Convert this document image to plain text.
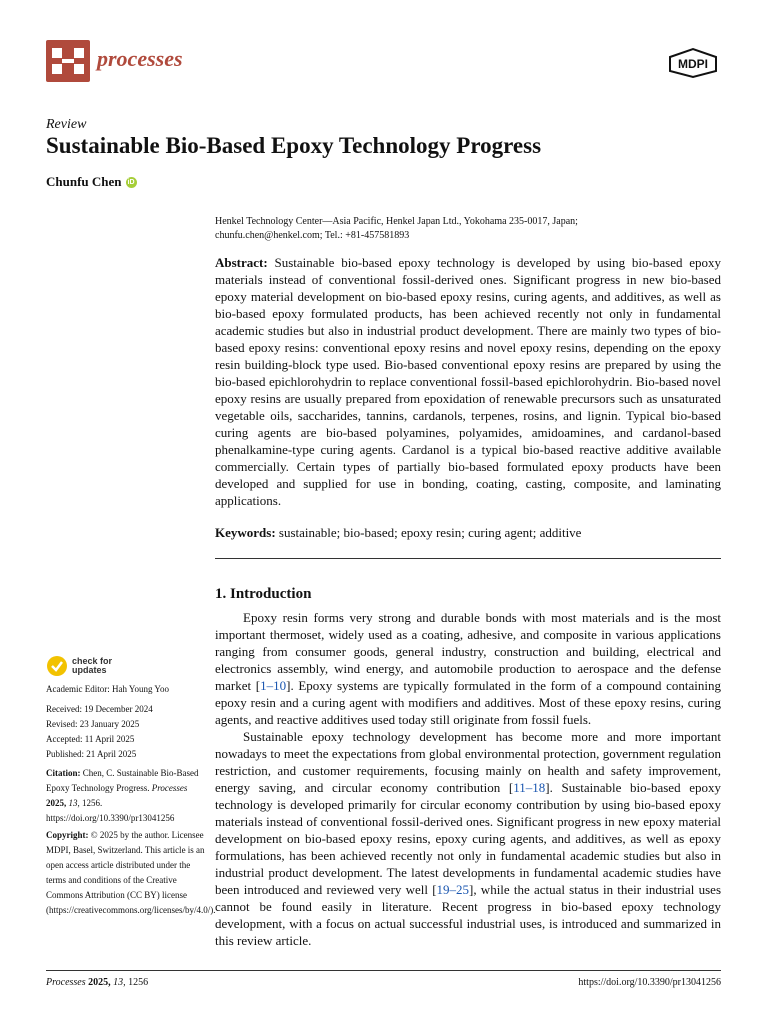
processes	MDPI
Review
Sustainable Bio-Based Epoxy Technology Progress
Chunfu Chen iD
Henkel Technology Center—Asia Pacific, Henkel Japan Ltd., Yokohama 235-0017, Japan;
chunfu.chen@henkel.com; Tel.: +81-457581893
Abstract: Sustainable bio-based epoxy technology is developed by using bio-based epoxy materials instead of conventional fossil-derived ones. Significant progress in new bio-based epoxy material development on bio-based epoxy resins, curing agents, and additives, as well as bio-based epoxy formulated products, has been achieved recently not only in fundamental academic studies but also in industrial product development. There are mainly two types of bio-based epoxy resins: conventional epoxy resins and novel epoxy resins, depending on the epoxy resin building-block type used. Bio-based conventional epoxy resins are prepared by using the bio-based epichlorohydrin to replace conventional fossil-based epichlorohydrin. Bio-based novel epoxy resins are usually prepared from epoxidation of renewable precursors such as unsaturated vegetable oils, saccharides, tannins, cardanols, terpenes, rosins, and lignin. Typical bio-based curing agents are bio-based polyamines, polyamides, amidoamines, and cardanol-based phenalkamine-type curing agents. Cardanol is a typical bio-based reactive additive available commercially. Certain types of partially bio-based formulated epoxy products have been developed and supplied for use in bonding, coating, casting, composite, and laminating applications.
Keywords: sustainable; bio-based; epoxy resin; curing agent; additive
1. Introduction

Epoxy resin forms very strong and durable bonds with most materials and is the most important thermoset, widely used as a coating, adhesive, and composite in various applications ranging from consumer goods, general industry, construction and building, electrical and electronics assembly, wind energy, and automobile production to aerospace and the defense market [1–10]. Epoxy systems are typically formulated in the form of a compound containing epoxy resin and a curing agent with modifiers and additives. Most of these epoxy resins, curing agents, and reactive additives used today still originate from fossil fuels.

Sustainable epoxy technology development has become more and more important nowadays to meet the expectations from global environmental protection, government regulation restriction, and customer requirements, focusing mainly on health and safety improvement, energy saving, and circular economy contribution [11–18]. Sustainable bio-based epoxy technology is developed primarily for circular economy contribution by using bio-based epoxy materials instead of conventional fossil-derived ones. Significant progress in new epoxy material development on bio-based epoxy resins, epoxy curing agents, and additives, as well as epoxy formulations, has been achieved recently not only in fundamental academic studies but also in industrial product development. The latest developments in fundamental academic studies have been introduced and reviewed very well [19–25], while the actual status in their industrial uses cannot be found easily in literature. Recent progress in bio-based epoxy technology development, with a focus on actual successful industrial uses, is introduced and summarized in this review article.

check for
updates
Academic Editor: Hah Young Yoo

Received: 19 December 2024

Revised: 23 January 2025

Accepted: 11 April 2025

Published: 21 April 2025

Citation: Chen, C. Sustainable Bio-Based Epoxy Technology Progress. Processes 2025, 13, 1256. https://doi.org/10.3390/pr13041256
Copyright: © 2025 by the author. Licensee MDPI, Basel, Switzerland. This article is an open access article distributed under the terms and conditions of the Creative Commons Attribution (CC BY) license (https://creativecommons.org/licenses/by/4.0/).
Processes 2025, 13, 1256	https://doi.org/10.3390/pr13041256
